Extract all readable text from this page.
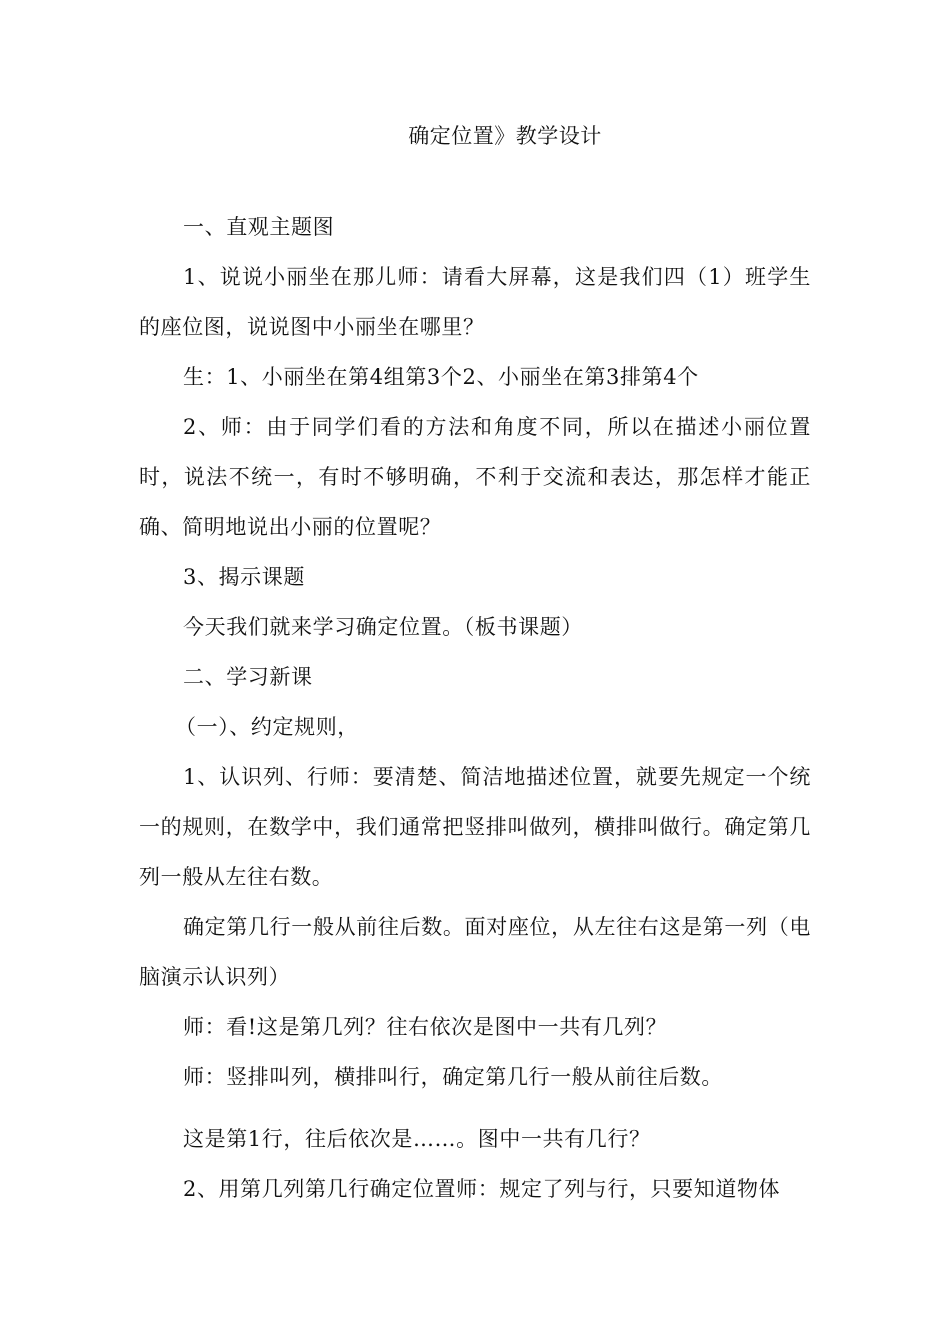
确定位置》教学设计

一、直观主题图

1、说说小丽坐在那儿师：请看大屏幕，这是我们四（1）班学生的座位图，说说图中小丽坐在哪里？

生：1、小丽坐在第4组第3个2、小丽坐在第3排第4个

2、师：由于同学们看的方法和角度不同，所以在描述小丽位置时，说法不统一，有时不够明确，不利于交流和表达，那怎样才能正确、简明地说出小丽的位置呢？

3、揭示课题

今天我们就来学习确定位置。（板书课题）

二、学习新课

（一）、约定规则，

1、认识列、行师：要清楚、简洁地描述位置，就要先规定一个统一的规则，在数学中，我们通常把竖排叫做列，横排叫做行。确定第几列一般从左往右数。

确定第几行一般从前往后数。面对座位，从左往右这是第一列（电脑演示认识列）

师：看!这是第几列？往右依次是图中一共有几列？

师：竖排叫列，横排叫行，确定第几行一般从前往后数。

这是第1行，往后依次是……。图中一共有几行？

2、用第几列第几行确定位置师：规定了列与行，只要知道物体
